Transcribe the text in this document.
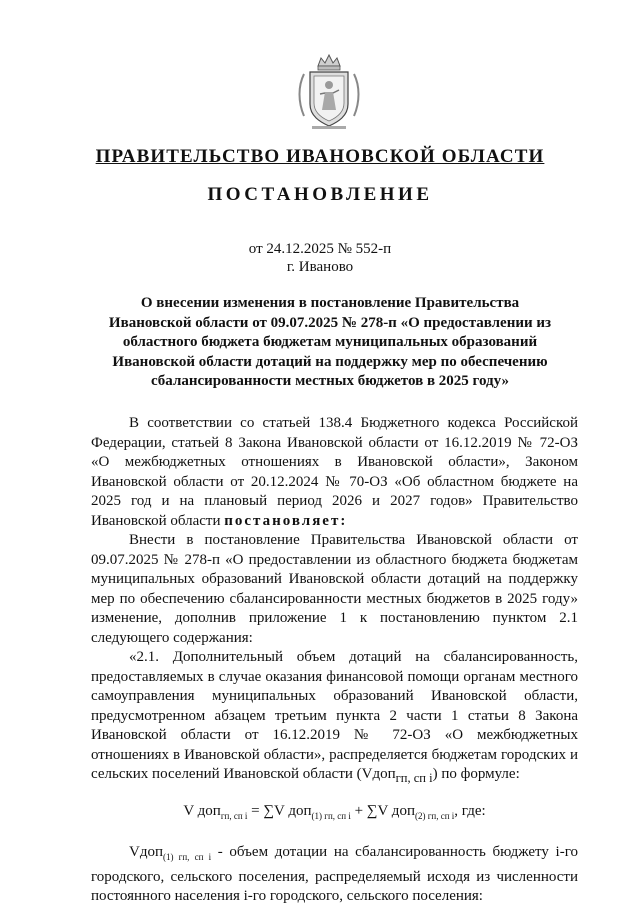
ПРАВИТЕЛЬСТВО ИВАНОВСКОЙ ОБЛАСТИ
ПОСТАНОВЛЕНИЕ
от 24.12.2025 № 552-п
г. Иваново
О внесении изменения в постановление Правительства Ивановской области от 09.07.2025 № 278-п «О предоставлении из областного бюджета бюджетам муниципальных образований Ивановской области дотаций на поддержку мер по обеспечению сбалансированности местных бюджетов в 2025 году»

В соответствии со статьей 138.4 Бюджетного кодекса Российской Федерации, статьей 8 Закона Ивановской области от 16.12.2019 № 72-ОЗ «О межбюджетных отношениях в Ивановской области», Законом Ивановской области от 20.12.2024 № 70-ОЗ «Об областном бюджете на 2025 год и на плановый период 2026 и 2027 годов» Правительство Ивановской области постановляет:

Внести в постановление Правительства Ивановской области от 09.07.2025 № 278-п «О предоставлении из областного бюджета бюджетам муниципальных образований Ивановской области дотаций на поддержку мер по обеспечению сбалансированности местных бюджетов в 2025 году» изменение, дополнив приложение 1 к постановлению пунктом 2.1 следующего содержания:

«2.1. Дополнительный объем дотаций на сбалансированность, предоставляемых в случае оказания финансовой помощи органам местного самоуправления муниципальных образований Ивановской области, предусмотренном абзацем третьим пункта 2 части 1 статьи 8 Закона Ивановской области от 16.12.2019 № 72-ОЗ «О межбюджетных отношениях в Ивановской области», распределяется бюджетам городских и сельских поселений Ивановской области (Vдоп$_{гп, сп i}$) по формуле:

V доп$_{гп, сп i}$ = ∑V доп$_{(1) гп, сп i}$ + ∑V доп$_{(2) гп, сп i}$, где:

Vдоп$_{(1) гп, сп i}$ - объем дотации на сбалансированность бюджету i-го городского, сельского поселения, распределяемый исходя из численности постоянного населения i-го городского, сельского поселения:
